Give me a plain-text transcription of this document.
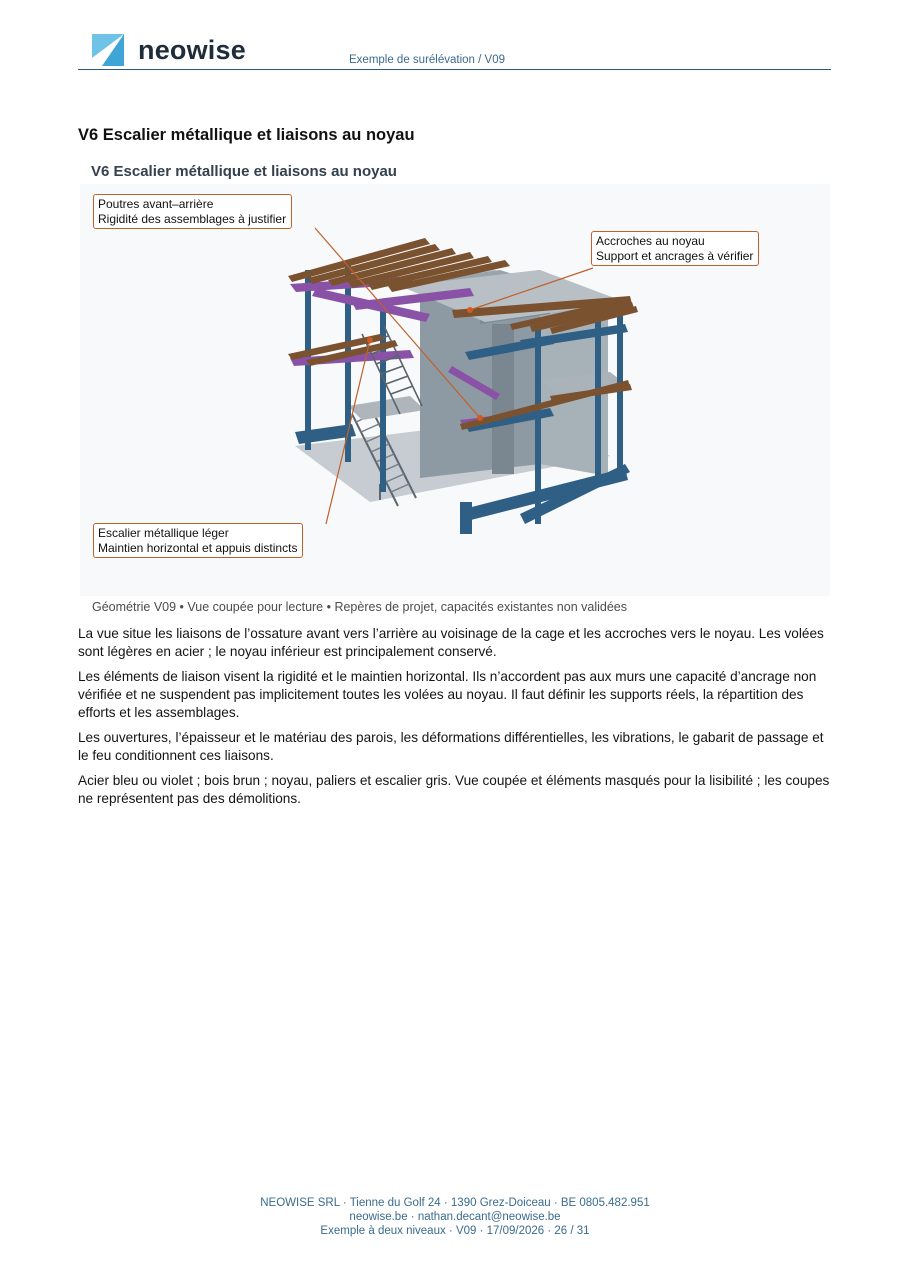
neowise	Exemple de surélévation / V09
V6 Escalier métallique et liaisons au noyau
V6 Escalier métallique et liaisons au noyau
Poutres avant–arrière
Rigidité des assemblages à justifier
Accroches au noyau
Support et ancrages à vérifier
Escalier métallique léger
Maintien horizontal et appuis distincts
Géométrie V09 • Vue coupée pour lecture • Repères de projet, capacités existantes non validées

La vue situe les liaisons de l’ossature avant vers l’arrière au voisinage de la cage et les accroches vers le noyau. Les volées sont légères en acier ; le noyau inférieur est principalement conservé.

Les éléments de liaison visent la rigidité et le maintien horizontal. Ils n’accordent pas aux murs une capacité d’ancrage non vérifiée et ne suspendent pas implicitement toutes les volées au noyau. Il faut définir les supports réels, la répartition des efforts et les assemblages.

Les ouvertures, l’épaisseur et le matériau des parois, les déformations différentielles, les vibrations, le gabarit de passage et le feu conditionnent ces liaisons.

Acier bleu ou violet ; bois brun ; noyau, paliers et escalier gris. Vue coupée et éléments masqués pour la lisibilité ; les coupes ne représentent pas des démolitions.

NEOWISE SRL · Tienne du Golf 24 · 1390 Grez-Doiceau · BE 0805.482.951
neowise.be · nathan.decant@neowise.be
Exemple à deux niveaux · V09 · 17/09/2026 · 26 / 31
